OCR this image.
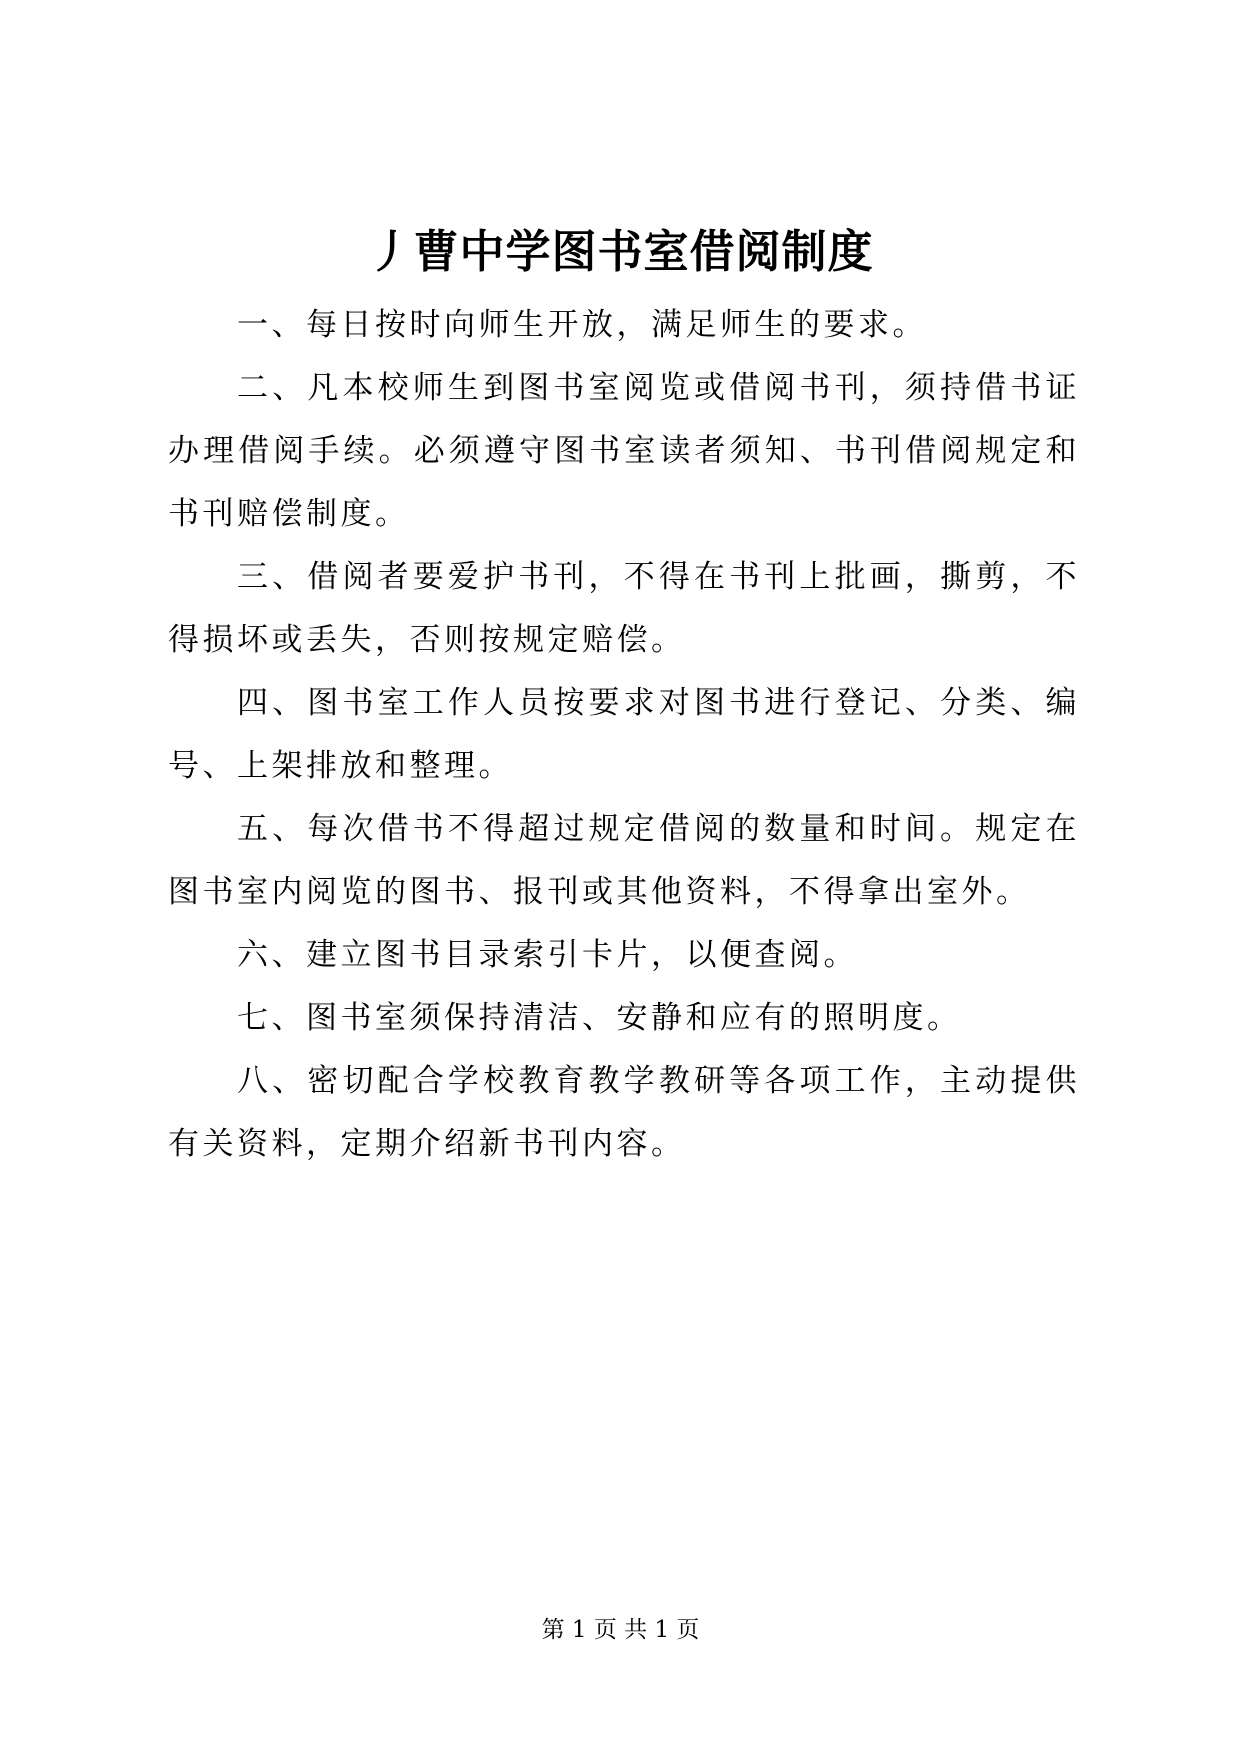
丿曹中学图书室借阅制度

一、每日按时向师生开放，满足师生的要求。

二、凡本校师生到图书室阅览或借阅书刊，须持借书证办理借阅手续。必须遵守图书室读者须知、书刊借阅规定和书刊赔偿制度。

三、借阅者要爱护书刊，不得在书刊上批画，撕剪，不得损坏或丢失，否则按规定赔偿。

四、图书室工作人员按要求对图书进行登记、分类、编号、上架排放和整理。

五、每次借书不得超过规定借阅的数量和时间。规定在图书室内阅览的图书、报刊或其他资料，不得拿出室外。

六、建立图书目录索引卡片，以便查阅。

七、图书室须保持清洁、安静和应有的照明度。

八、密切配合学校教育教学教研等各项工作，主动提供有关资料，定期介绍新书刊内容。

第 1 页 共 1 页
